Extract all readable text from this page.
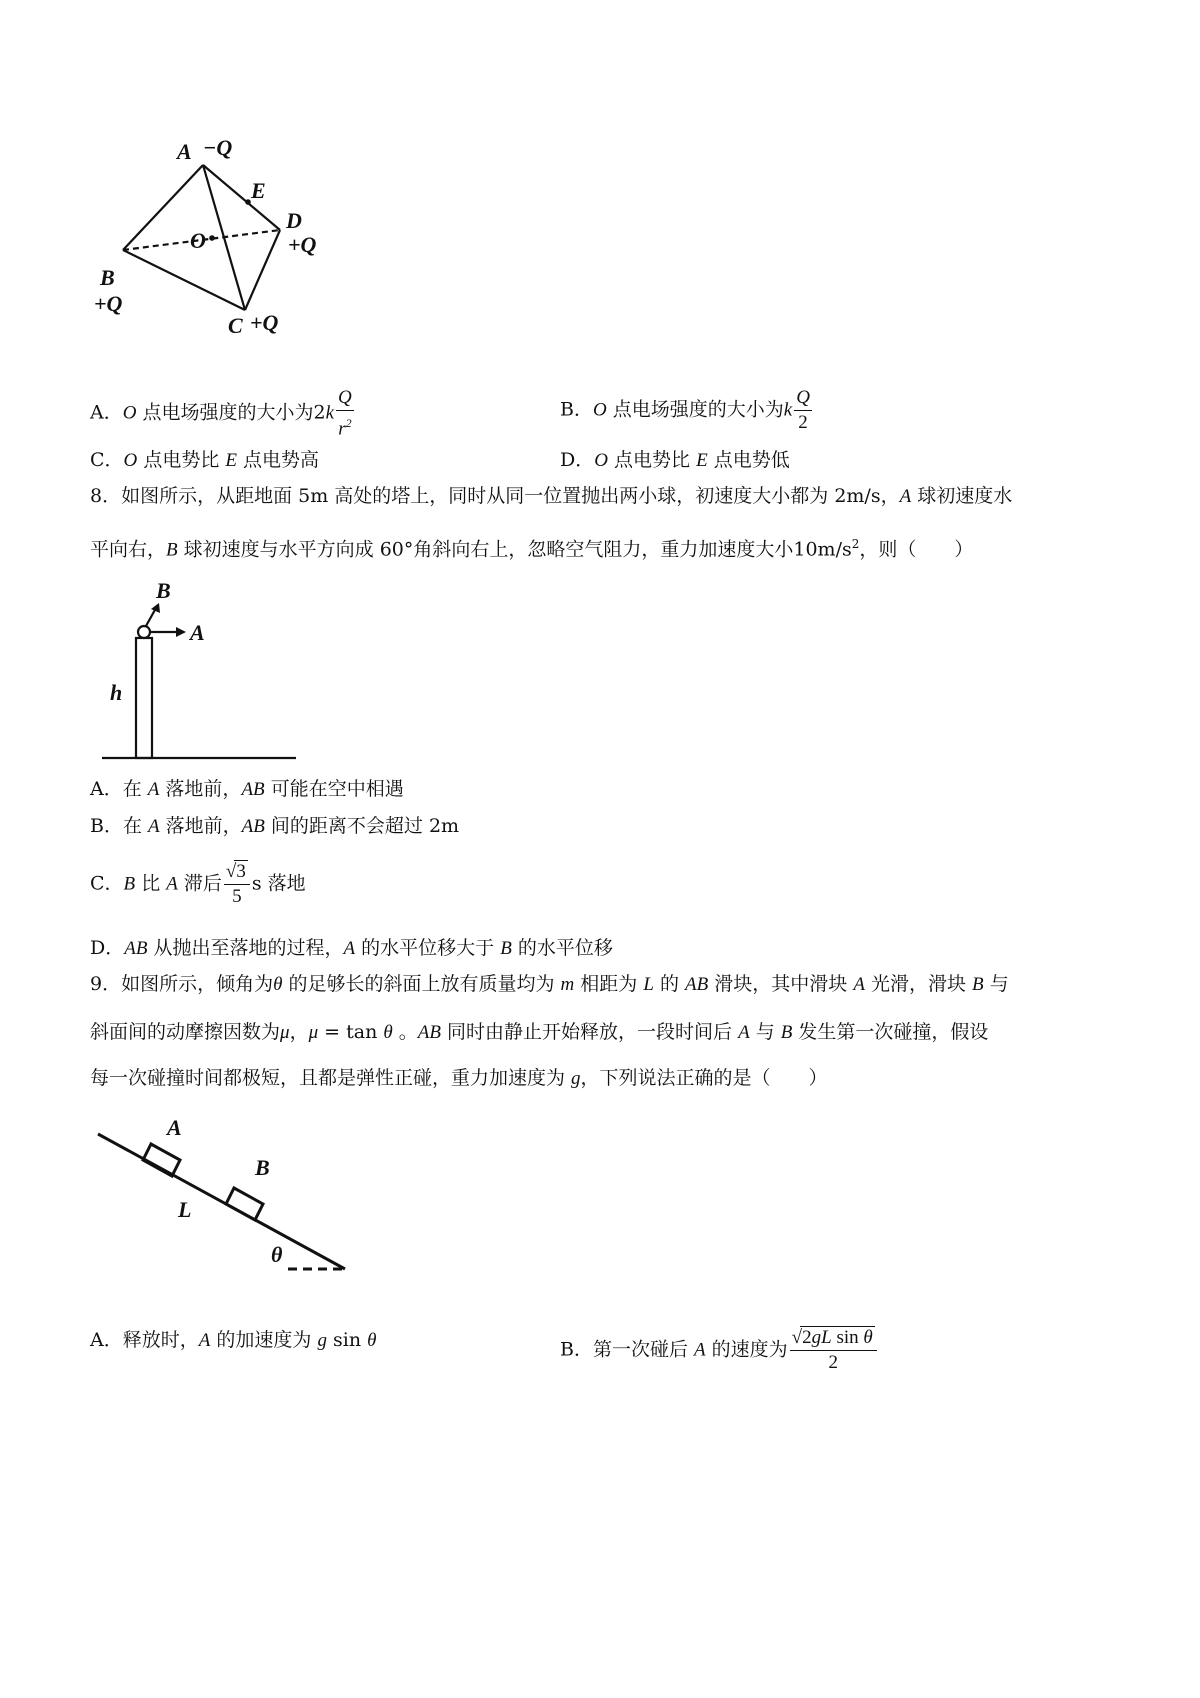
A −Q
E
D
+Q
O
B
+Q
C +Q
A．O 点电场强度的大小为$2k \frac{Q}{r^2}$	B．O 点电场强度的大小为k $\frac{Q}{2}$
C．O 点电势比 E 点电势高	D．O 点电势比 E 点电势低
8．如图所示，从距地面 5m 高处的塔上，同时从同一位置抛出两小球，初速度大小都为 2m/s，A 球初速度水
平向右，B 球初速度与水平方向成 60°角斜向右上，忽略空气阻力，重力加速度大小$10m/s^2$，则（　　）
B
A
h
A．在 A 落地前，AB 可能在空中相遇
B．在 A 落地前，AB 间的距离不会超过 2m
C．B 比 A 滞后 $\frac{√3}{5}$ s 落地
D．AB 从抛出至落地的过程，A 的水平位移大于 B 的水平位移
9．如图所示，倾角为θ 的足够长的斜面上放有质量均为 m 相距为 L 的 AB 滑块，其中滑块 A 光滑，滑块 B 与
斜面间的动摩擦因数为μ，μ = tan θ 。AB 同时由静止开始释放，一段时间后 A 与 B 发生第一次碰撞，假设
每一次碰撞时间都极短，且都是弹性正碰，重力加速度为 g，下列说法正确的是（　　）
A
B
L
θ
A．释放时，A 的加速度为 g sin θ	B．第一次碰后 A 的速度为 $\frac{\text{√2gL sin θ}}{2}$
